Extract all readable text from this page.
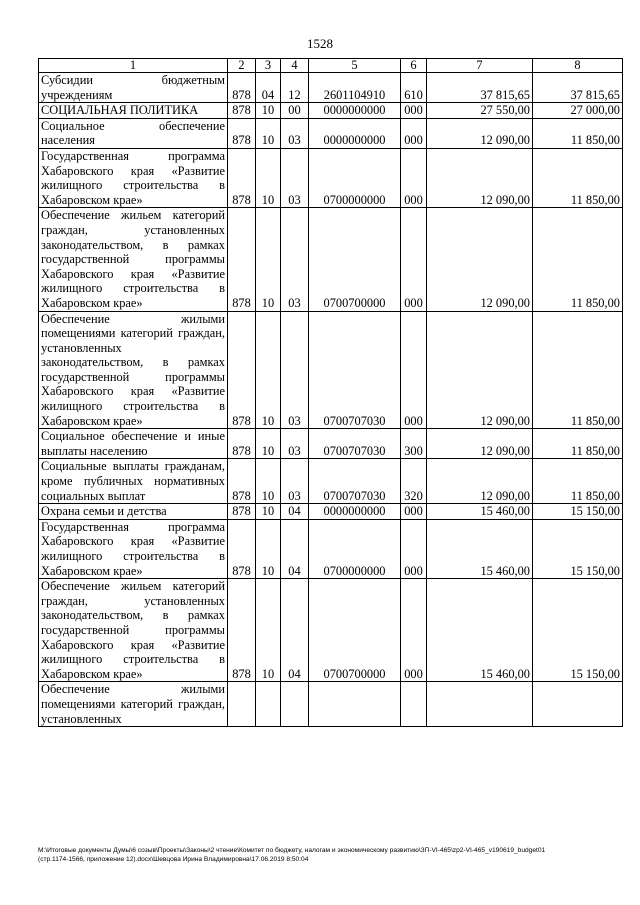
1528
1	2	3	4	5	6	7	8
Субсидии бюджетным учреждениям	878	04	12	2601104910	610	37 815,65	37 815,65
СОЦИАЛЬНАЯ ПОЛИТИКА	878	10	00	0000000000	000	27 550,00	27 000,00
Социальное обеспечение населения	878	10	03	0000000000	000	12 090,00	11 850,00
Государственная программа Хабаровского края «Развитие жилищного строительства в Хабаровском крае»	878	10	03	0700000000	000	12 090,00	11 850,00
Обеспечение жильем категорий граждан, установленных законодательством, в рамках государственной программы Хабаровского края «Развитие жилищного строительства в Хабаровском крае»	878	10	03	0700700000	000	12 090,00	11 850,00
Обеспечение жилыми помещениями категорий граждан, установленных законодательством, в рамках государственной программы Хабаровского края «Развитие жилищного строительства в Хабаровском крае»	878	10	03	0700707030	000	12 090,00	11 850,00
Социальное обеспечение и иные выплаты населению	878	10	03	0700707030	300	12 090,00	11 850,00
Социальные выплаты гражданам, кроме публичных нормативных социальных выплат	878	10	03	0700707030	320	12 090,00	11 850,00
Охрана семьи и детства	878	10	04	0000000000	000	15 460,00	15 150,00
Государственная программа Хабаровского края «Развитие жилищного строительства в Хабаровском крае»	878	10	04	0700000000	000	15 460,00	15 150,00
Обеспечение жильем категорий граждан, установленных законодательством, в рамках государственной программы Хабаровского края «Развитие жилищного строительства в Хабаровском крае»	878	10	04	0700700000	000	15 460,00	15 150,00
Обеспечение жилыми помещениями категорий граждан, установленных							
M:\Итоговые документы Думы\6 созыв\Проекты\Законы\2 чтение\Комитет по бюджету, налогам и экономическому развитию\ЗП-VI-465\zp2-VI-465_v190619_budget01
(стр.1174-1566, приложение 12).docx\Шевцова Ирина Владимировна\17.06.2019 8:50:04
